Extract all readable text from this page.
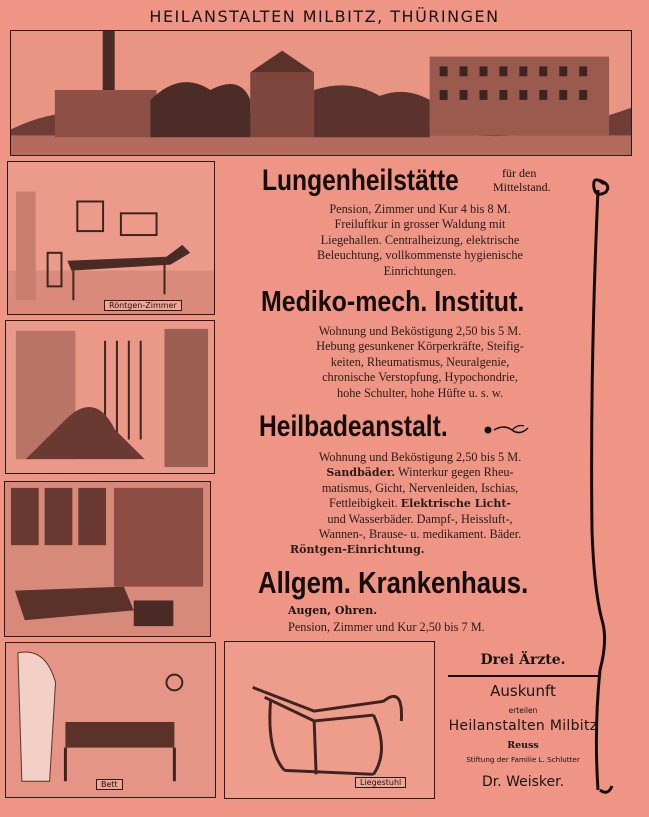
HEILANSTALTEN MILBITZ, THÜRINGEN
Röntgen-Zimmer
Bett	Liegestuhl
Lungenheilstätte	für den
Mittelstand.
Pension, Zimmer und Kur 4 bis 8 M.
Freiluftkur in grosser Waldung mit
Liegehallen. Centralheizung, elektrische
Beleuchtung, vollkommenste hygienische
Einrichtungen.
Mediko-mech. Institut.
Wohnung und Beköstigung 2,50 bis 5 M.
Hebung gesunkener Körperkräfte, Steifig-
keiten, Rheumatismus, Neuralgenie,
chronische Verstopfung, Hypochondrie,
hohe Schulter, hohe Hüfte u. s. w.
Heilbadeanstalt.
Wohnung und Beköstigung 2,50 bis 5 M.
Sandbäder. Winterkur gegen Rheu-
matismus, Gicht, Nervenleiden, Ischias,
Fettleibigkeit. Elektrische Licht-
und Wasserbäder. Dampf-, Heissluft-,
Wannen-, Brause- u. medikament. Bäder.
Röntgen-Einrichtung.
Allgem. Krankenhaus.
Augen, Ohren.
Pension, Zimmer und Kur 2,50 bis 7 M.
Drei Ärzte.
Auskunft
erteilen
Heilanstalten Milbitz
Reuss
Stiftung der Familie L. Schlutter
Dr. Weisker.
